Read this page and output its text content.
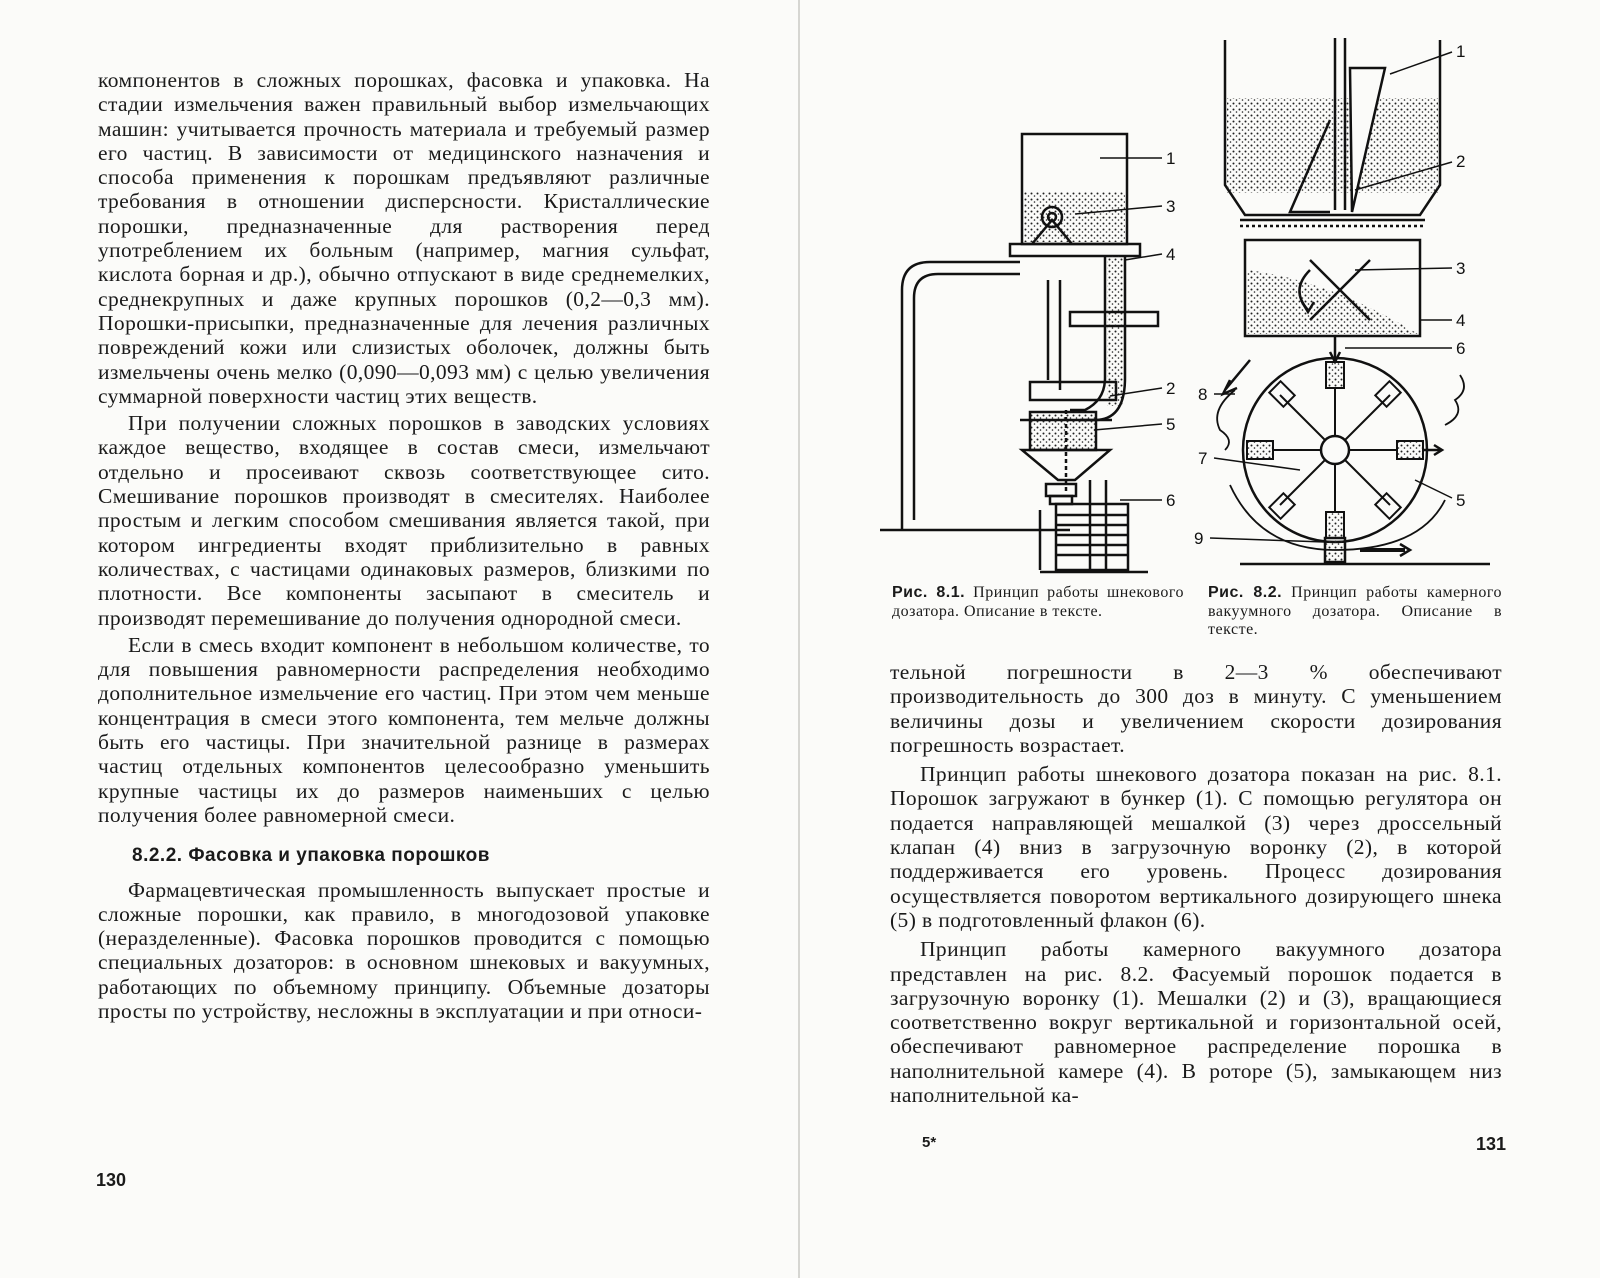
компонентов в сложных порошках, фасовка и упаковка. На стадии измельчения важен правильный выбор измельчающих машин: учитывается прочность материала и требуемый размер его частиц. В зависимости от медицинского назначения и способа применения к порошкам предъявляют различные требования в отношении дисперсности. Кристаллические порошки, предназначенные для растворения перед употреблением их больным (например, магния сульфат, кислота борная и др.), обычно отпускают в виде среднемелких, среднекрупных и даже крупных порошков (0,2—0,3 мм). Порошки-присыпки, предназначенные для лечения различных повреждений кожи или слизистых оболочек, должны быть измельчены очень мелко (0,090—0,093 мм) с целью увеличения суммарной поверхности частиц этих веществ.

При получении сложных порошков в заводских условиях каждое вещество, входящее в состав смеси, измельчают отдельно и просеивают сквозь соответствующее сито. Смешивание порошков производят в смесителях. Наиболее простым и легким способом смешивания является такой, при котором ингредиенты входят приблизительно в равных количествах, с частицами одинаковых размеров, близкими по плотности. Все компоненты засыпают в смеситель и производят перемешивание до получения однородной смеси.

Если в смесь входит компонент в небольшом количестве, то для повышения равномерности распределения необходимо дополнительное измельчение его частиц. При этом чем меньше концентрация в смеси этого компонента, тем мельче должны быть его частицы. При значительной разнице в размерах частиц отдельных компонентов целесообразно уменьшить крупные частицы их до размеров наименьших с целью получения более равномерной смеси.

8.2.2. Фасовка и упаковка порошков

Фармацевтическая промышленность выпускает простые и сложные порошки, как правило, в многодозовой упаковке (неразделенные). Фасовка порошков проводится с помощью специальных дозаторов: в основном шнековых и вакуумных, работающих по объемному принципу. Объемные дозаторы просты по устройству, несложны в эксплуатации и при относи-

130
1
3
4
2
5
6
1
2
3
4
6
8
5
7
9
Рис. 8.1. Принцип работы шнекового дозатора. Описание в тексте.
Рис. 8.2. Принцип работы камерного вакуумного дозатора. Описание в тексте.
5*	131

тельной погрешности в 2—3 % обеспечивают производительность до 300 доз в минуту. С уменьшением величины дозы и увеличением скорости дозирования погрешность возрастает.

Принцип работы шнекового дозатора показан на рис. 8.1. Порошок загружают в бункер (1). С помощью регулятора он подается направляющей мешалкой (3) через дроссельный клапан (4) вниз в загрузочную воронку (2), в которой поддерживается его уровень. Процесс дозирования осуществляется поворотом вертикального дозирующего шнека (5) в подготовленный флакон (6).

Принцип работы камерного вакуумного дозатора представлен на рис. 8.2. Фасуемый порошок подается в загрузочную воронку (1). Мешалки (2) и (3), вращающиеся соответственно вокруг вертикальной и горизонтальной осей, обеспечивают равномерное распределение порошка в наполнительной камере (4). В роторе (5), замыкающем низ наполнительной ка-
